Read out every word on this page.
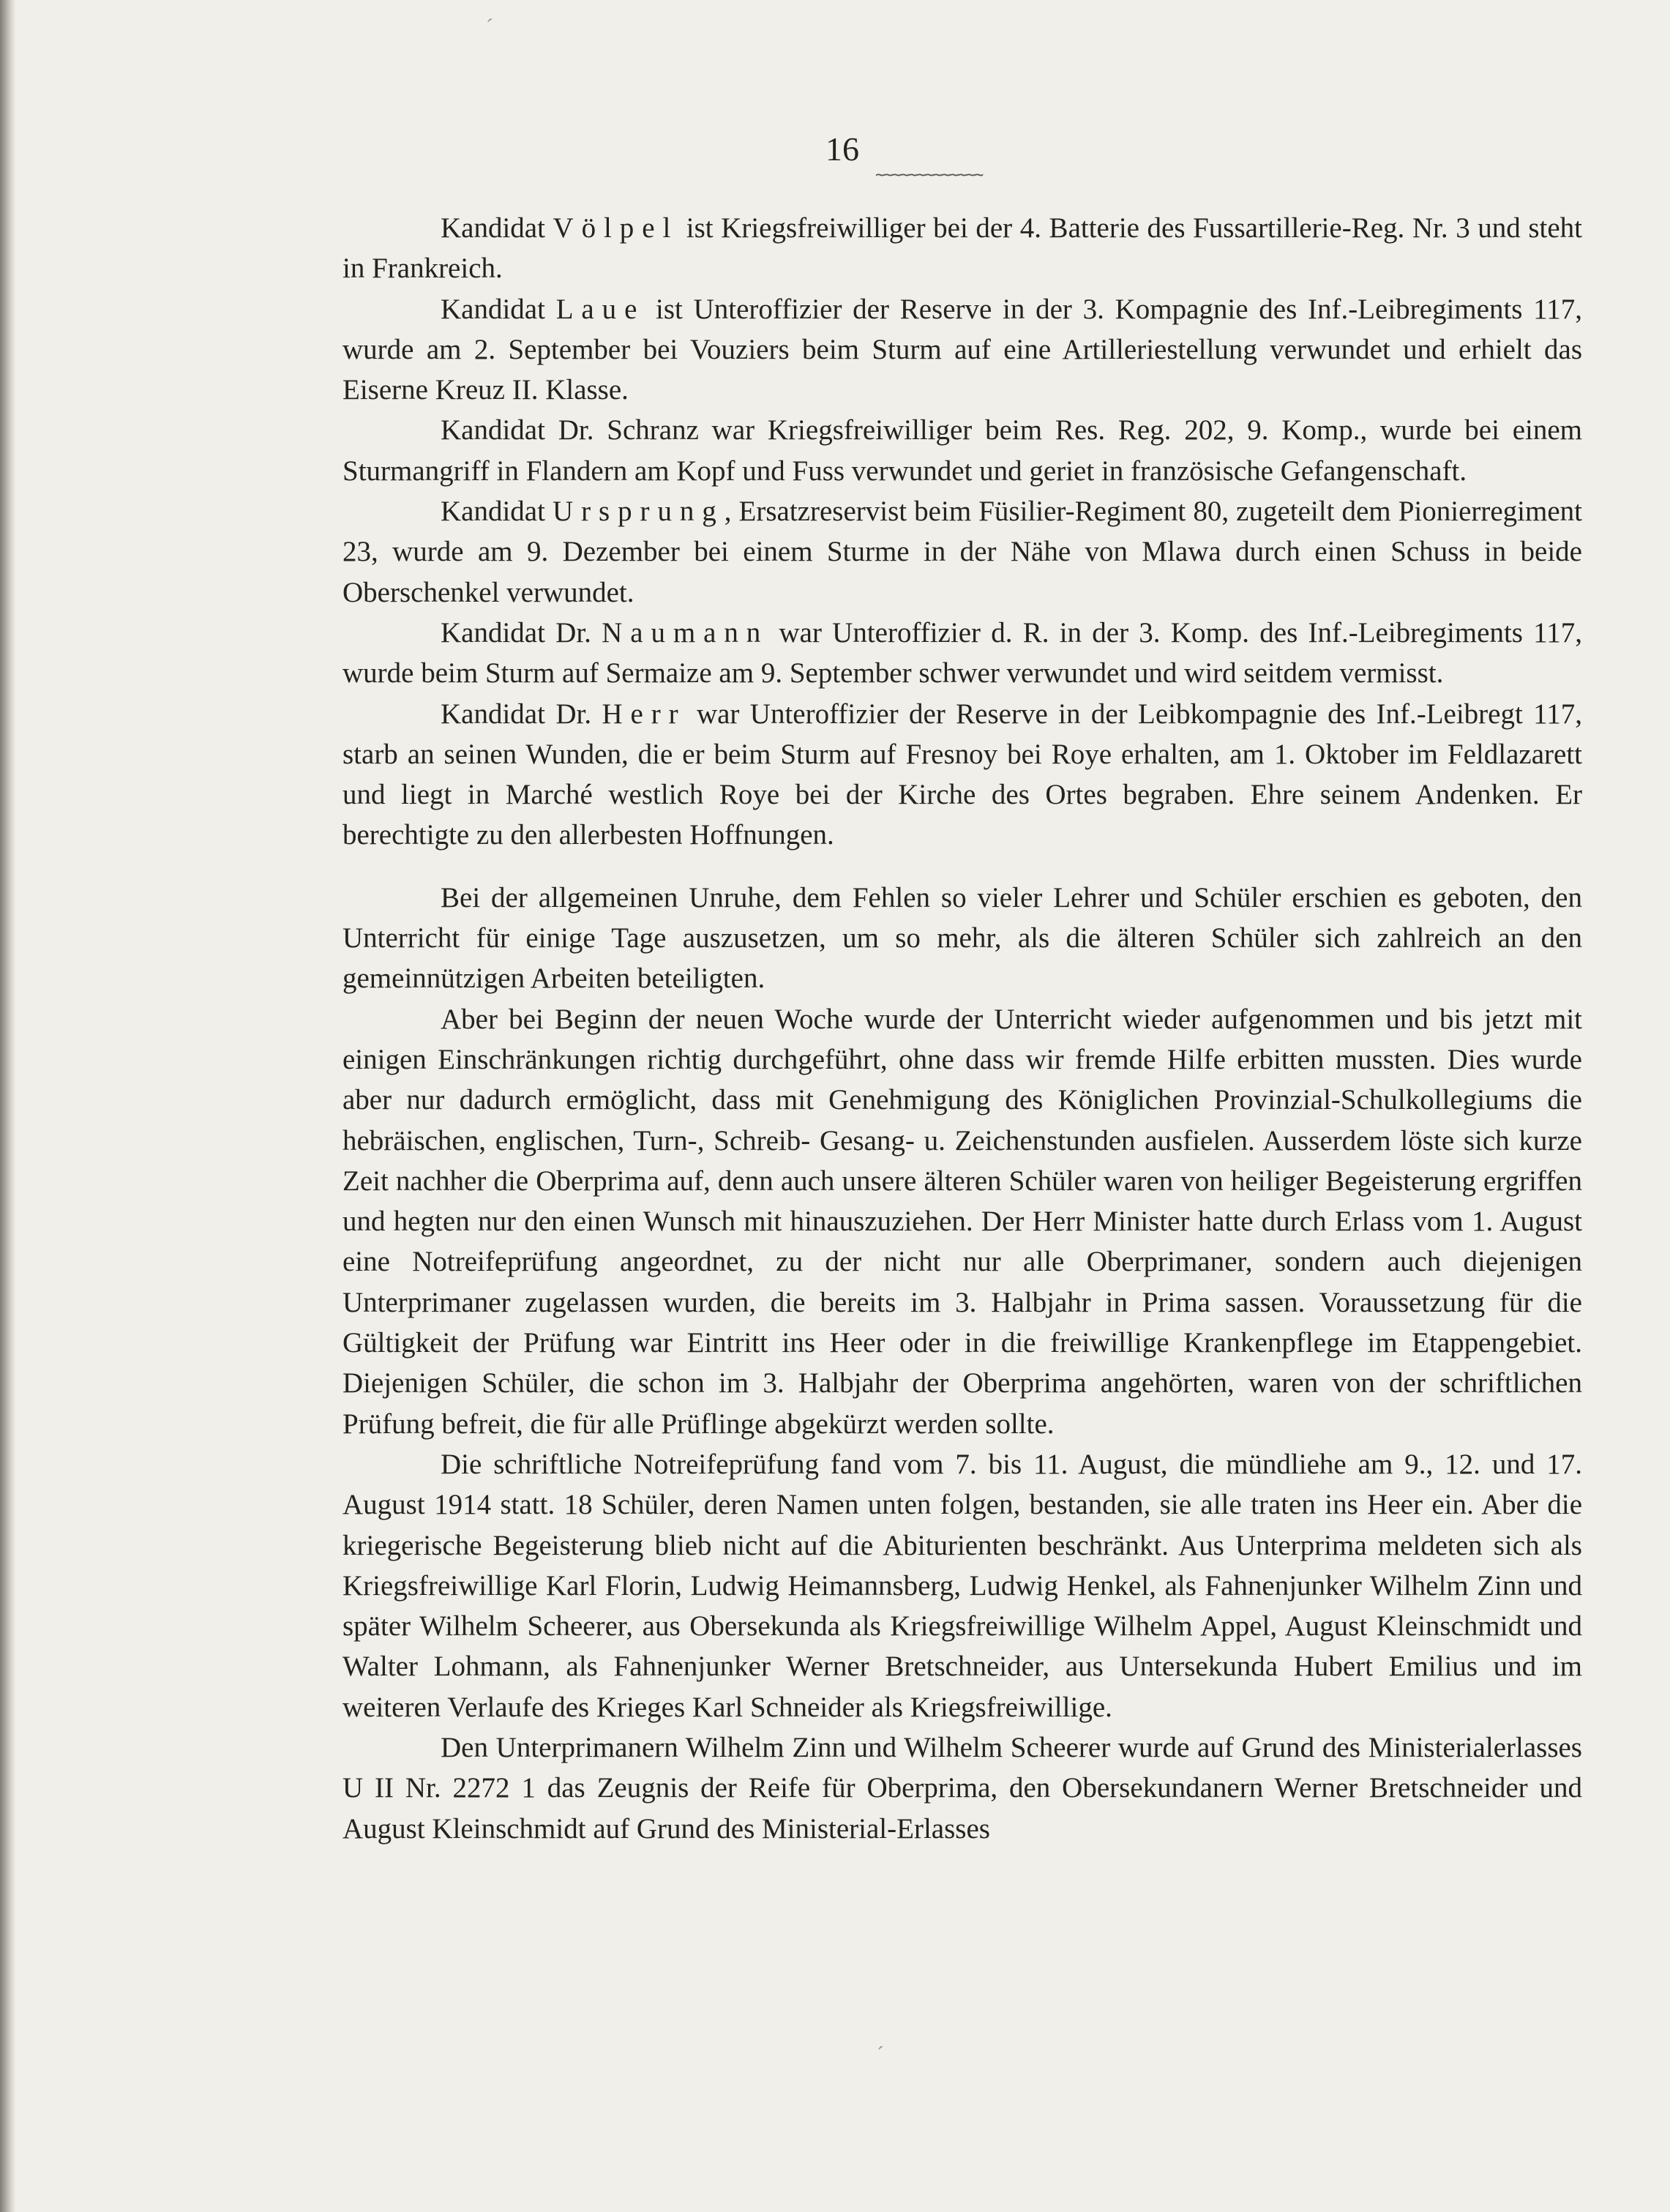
16
~~~~~~~~~~~~~

Kandidat Völpel ist Kriegsfreiwilliger bei der 4. Batterie des Fussartillerie-Reg. Nr. 3 und steht in Frankreich.

Kandidat Laue ist Unteroffizier der Reserve in der 3. Kompagnie des Inf.-Leibregiments 117, wurde am 2. September bei Vouziers beim Sturm auf eine Artilleriestellung verwundet und erhielt das Eiserne Kreuz II. Klasse.

Kandidat Dr. Schranz war Kriegsfreiwilliger beim Res. Reg. 202, 9. Komp., wurde bei einem Sturmangriff in Flandern am Kopf und Fuss verwundet und geriet in französische Gefangenschaft.

Kandidat Ursprung, Ersatzreservist beim Füsilier-Regiment 80, zugeteilt dem Pionierregiment 23, wurde am 9. Dezember bei einem Sturme in der Nähe von Mlawa durch einen Schuss in beide Oberschenkel verwundet.

Kandidat Dr. Naumann war Unteroffizier d. R. in der 3. Komp. des Inf.-Leibregiments 117, wurde beim Sturm auf Sermaize am 9. September schwer verwundet und wird seitdem vermisst.

Kandidat Dr. Herr war Unteroffizier der Reserve in der Leibkompagnie des Inf.-Leibregt 117, starb an seinen Wunden, die er beim Sturm auf Fresnoy bei Roye erhalten, am 1. Oktober im Feldlazarett und liegt in Marché westlich Roye bei der Kirche des Ortes begraben. Ehre seinem Andenken. Er berechtigte zu den allerbesten Hoffnungen.

Bei der allgemeinen Unruhe, dem Fehlen so vieler Lehrer und Schüler erschien es geboten, den Unterricht für einige Tage auszusetzen, um so mehr, als die älteren Schüler sich zahlreich an den gemeinnützigen Arbeiten beteiligten.

Aber bei Beginn der neuen Woche wurde der Unterricht wieder aufgenommen und bis jetzt mit einigen Einschränkungen richtig durchgeführt, ohne dass wir fremde Hilfe erbitten mussten. Dies wurde aber nur dadurch ermöglicht, dass mit Genehmigung des Königlichen Provinzial-Schulkollegiums die hebräischen, englischen, Turn-, Schreib- Gesang- u. Zeichenstunden ausfielen. Ausserdem löste sich kurze Zeit nachher die Oberprima auf, denn auch unsere älteren Schüler waren von heiliger Begeisterung ergriffen und hegten nur den einen Wunsch mit hinauszuziehen. Der Herr Minister hatte durch Erlass vom 1. August eine Notreifeprüfung angeordnet, zu der nicht nur alle Oberprimaner, sondern auch diejenigen Unterprimaner zugelassen wurden, die bereits im 3. Halbjahr in Prima sassen. Voraussetzung für die Gültigkeit der Prüfung war Eintritt ins Heer oder in die freiwillige Krankenpflege im Etappengebiet. Diejenigen Schüler, die schon im 3. Halbjahr der Oberprima angehörten, waren von der schriftlichen Prüfung befreit, die für alle Prüflinge abgekürzt werden sollte.

Die schriftliche Notreifeprüfung fand vom 7. bis 11. August, die mündliehe am 9., 12. und 17. August 1914 statt. 18 Schüler, deren Namen unten folgen, bestanden, sie alle traten ins Heer ein. Aber die kriegerische Begeisterung blieb nicht auf die Abiturienten beschränkt. Aus Unterprima meldeten sich als Kriegsfreiwillige Karl Florin, Ludwig Heimannsberg, Ludwig Henkel, als Fahnenjunker Wilhelm Zinn und später Wilhelm Scheerer, aus Obersekunda als Kriegsfreiwillige Wilhelm Appel, August Kleinschmidt und Walter Lohmann, als Fahnenjunker Werner Bretschneider, aus Untersekunda Hubert Emilius und im weiteren Verlaufe des Krieges Karl Schneider als Kriegsfreiwillige.

Den Unterprimanern Wilhelm Zinn und Wilhelm Scheerer wurde auf Grund des Ministerialerlasses U II Nr. 2272 1 das Zeugnis der Reife für Oberprima, den Obersekundanern Werner Bretschneider und August Kleinschmidt auf Grund des Ministerial-Erlasses

ˊ
ˊ
